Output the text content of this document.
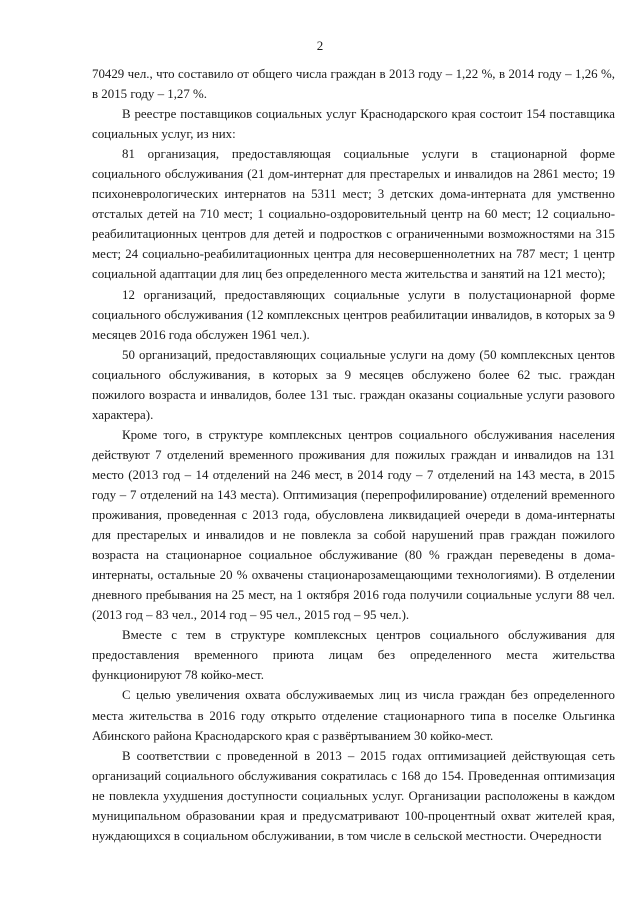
2

70429 чел., что составило от общего числа граждан в 2013 году – 1,22 %, в 2014 году – 1,26 %, в 2015 году – 1,27 %.

В реестре поставщиков социальных услуг Краснодарского края состоит 154 поставщика социальных услуг, из них:

81 организация, предоставляющая социальные услуги в стационарной форме социального обслуживания (21 дом-интернат для престарелых и инвалидов на 2861 место; 19 психоневрологических интернатов на 5311 мест; 3 детских дома-интерната для умственно отсталых детей на 710 мест; 1 социально-оздоровительный центр на 60 мест; 12 социально-реабилитационных центров для детей и подростков с ограниченными возможностями на 315 мест; 24 социально-реабилитационных центра для несовершеннолетних на 787 мест; 1 центр социальной адаптации для лиц без определенного места жительства и занятий на 121 место);

12 организаций, предоставляющих социальные услуги в полустационарной форме социального обслуживания (12 комплексных центров реабилитации инвалидов, в которых за 9 месяцев 2016 года обслужен 1961 чел.).

50 организаций, предоставляющих социальные услуги на дому (50 комплексных центов социального обслуживания, в которых за 9 месяцев обслужено более 62 тыс. граждан пожилого возраста и инвалидов, более 131 тыс. граждан оказаны социальные услуги разового характера).

Кроме того, в структуре комплексных центров социального обслуживания населения действуют 7 отделений временного проживания для пожилых граждан и инвалидов на 131 место (2013 год – 14 отделений на 246 мест, в 2014 году – 7 отделений на 143 места, в 2015 году – 7 отделений на 143 места). Оптимизация (перепрофилирование) отделений временного проживания, проведенная с 2013 года, обусловлена ликвидацией очереди в дома-интернаты для престарелых и инвалидов и не повлекла за собой нарушений прав граждан пожилого возраста на стационарное социальное обслуживание (80 % граждан переведены в дома-интернаты, остальные 20 % охвачены стационарозамещающими технологиями). В отделении дневного пребывания на 25 мест, на 1 октября 2016 года получили социальные услуги 88 чел. (2013 год – 83 чел., 2014 год – 95 чел., 2015 год – 95 чел.).

Вместе с тем в структуре комплексных центров социального обслуживания для предоставления временного приюта лицам без определенного места жительства функционируют 78 койко-мест.

С целью увеличения охвата обслуживаемых лиц из числа граждан без определенного места жительства в 2016 году открыто отделение стационарного типа в поселке Ольгинка Абинского района Краснодарского края с развёртыванием 30 койко-мест.

В соответствии с проведенной в 2013 – 2015 годах оптимизацией действующая сеть организаций социального обслуживания сократилась с 168 до 154. Проведенная оптимизация не повлекла ухудшения доступности социальных услуг. Организации расположены в каждом муниципальном образовании края и предусматривают 100-процентный охват жителей края, нуждающихся в социальном обслуживании, в том числе в сельской местности. Очередности
